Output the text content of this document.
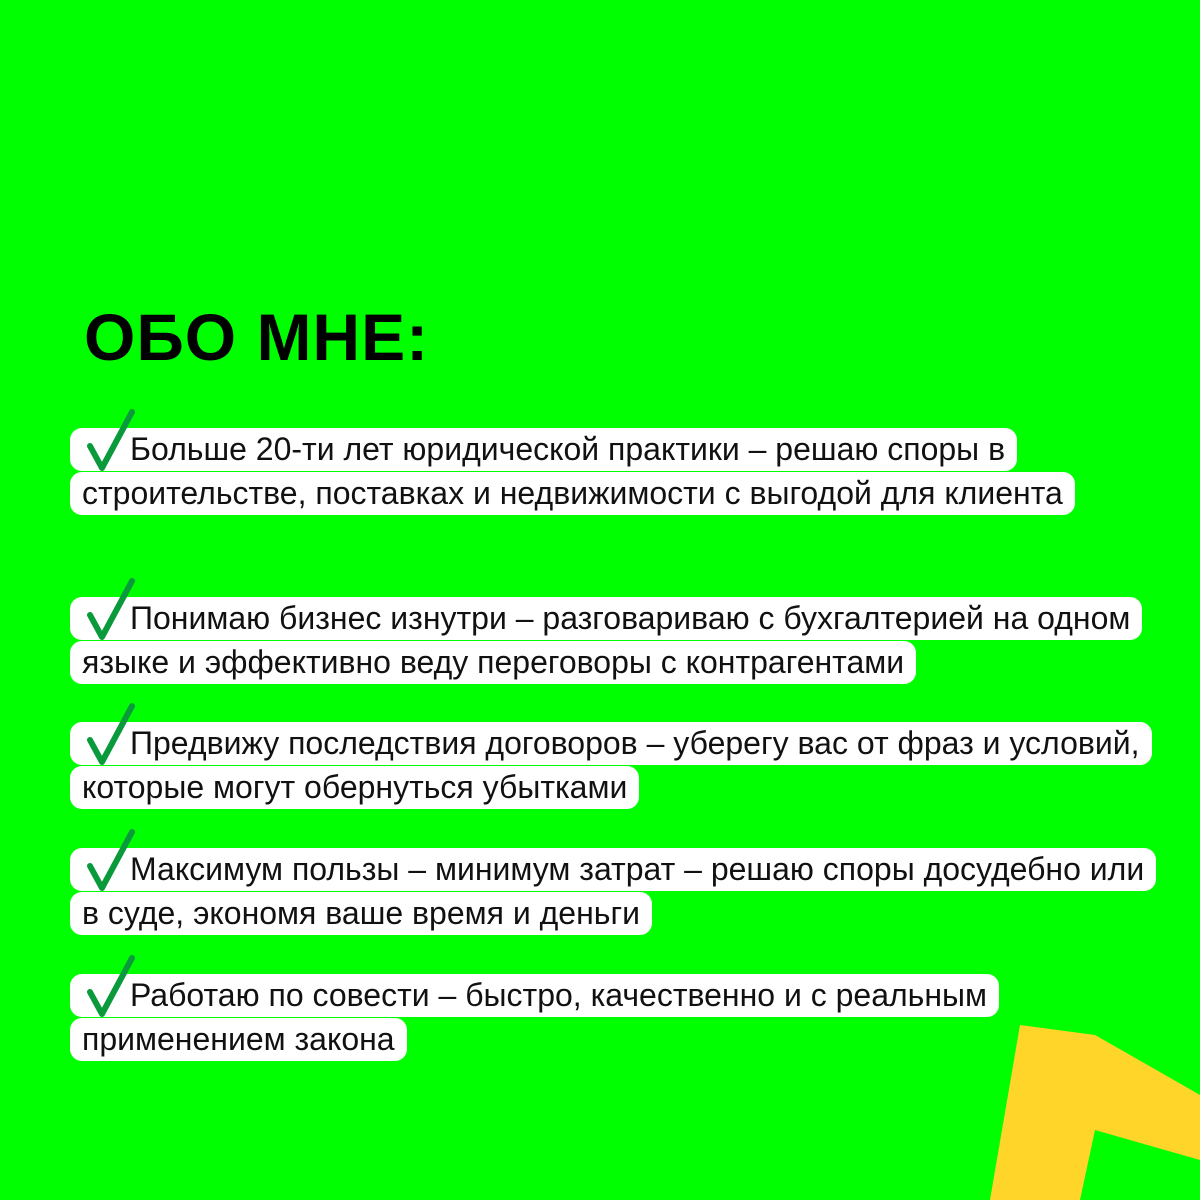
ОБО МНЕ:
Больше 20-ти лет юридической практики – решаю споры в строительстве, поставках и недвижимости с выгодой для клиента
Понимаю бизнес изнутри – разговариваю с бухгалтерией на одном языке и эффективно веду переговоры с контрагентами
Предвижу последствия договоров – уберегу вас от фраз и условий, которые могут обернуться убытками
Максимум пользы – минимум затрат – решаю споры досудебно или в суде, экономя ваше время и деньги
Работаю по совести – быстро, качественно и с реальным применением закона
